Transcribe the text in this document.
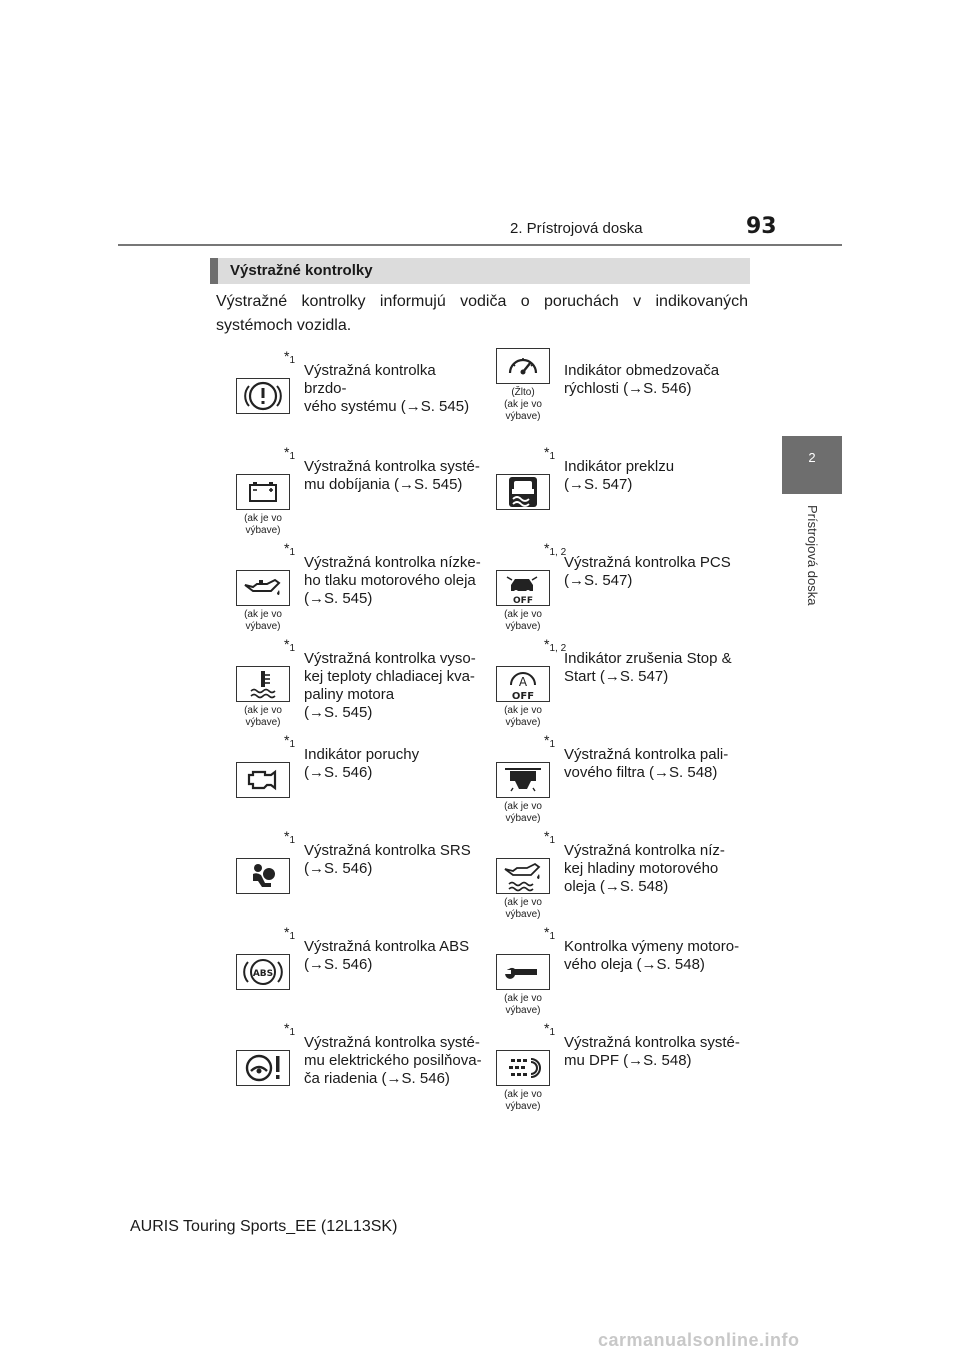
2. Prístrojová doska	93
2
Prístrojová doska
Výstražné kontrolky
Výstražné kontrolky informujú vodiča o poruchách v indikovaných systémoch vozidla.
*1
Výstražná kontrolka brzdo-
vého systému (→S. 545)
(Žlto)
(ak je vo
výbave)
Indikátor obmedzovača
rýchlosti (→S. 546)
*1
(ak je vo
výbave)
Výstražná kontrolka systé-
mu dobíjania (→S. 545)
*1
Indikátor preklzu
(→S. 547)
*1
(ak je vo
výbave)
Výstražná kontrolka nízke-
ho tlaku motorového oleja
(→S. 545)	OFF
*1, 2
(ak je vo
výbave)
Výstražná kontrolka PCS
(→S. 547)
*1
(ak je vo
výbave)
Výstražná kontrolka vyso-
kej teploty chladiacej kva-
paliny motora
(→S. 545)
A
OFF
*1, 2
(ak je vo
výbave)
Indikátor zrušenia Stop &
Start (→S. 547)
*1
Indikátor poruchy
(→S. 546)
*1
(ak je vo
výbave)
Výstražná kontrolka pali-
vového filtra (→S. 548)
*1
Výstražná kontrolka SRS
(→S. 546)
*1
(ak je vo
výbave)
Výstražná kontrolka níz-
kej hladiny motorového
oleja (→S. 548)
ABS
*1
Výstražná kontrolka ABS
(→S. 546)
*1
(ak je vo
výbave)
Kontrolka výmeny motoro-
vého oleja (→S. 548)
*1
Výstražná kontrolka systé-
mu elektrického posilňova-
ča riadenia (→S. 546)
*1
(ak je vo
výbave)
Výstražná kontrolka systé-
mu DPF (→S. 548)
AURIS Touring Sports_EE (12L13SK)
carmanualsonline.info
